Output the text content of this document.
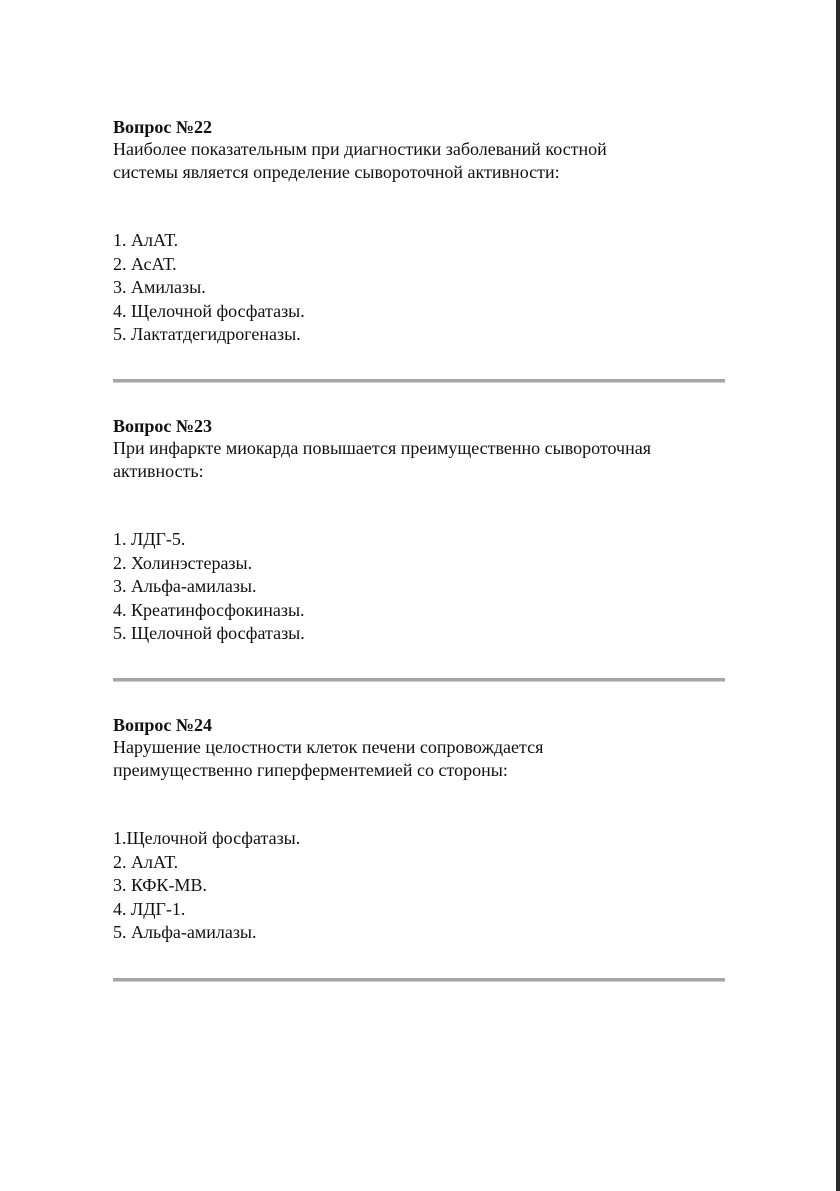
Вопрос №22

Наиболее показательным при диагностики заболеваний костной

системы является определение сывороточной активности:

1. АлАТ.
2. АсАТ.
3. Амилазы.
4. Щелочной фосфатазы.
5. Лактатдегидрогеназы.
Вопрос №23

При инфаркте миокарда повышается преимущественно сывороточная

активность:

1. ЛДГ-5.
2. Холинэстеразы.
3. Альфа-амилазы.
4. Креатинфосфокиназы.
5. Щелочной фосфатазы.
Вопрос №24

Нарушение целостности клеток печени сопровождается

преимущественно гиперферментемией со стороны:

1.Щелочной фосфатазы.
2. АлАТ.
3. КФК-МВ.
4. ЛДГ-1.
5. Альфа-амилазы.
